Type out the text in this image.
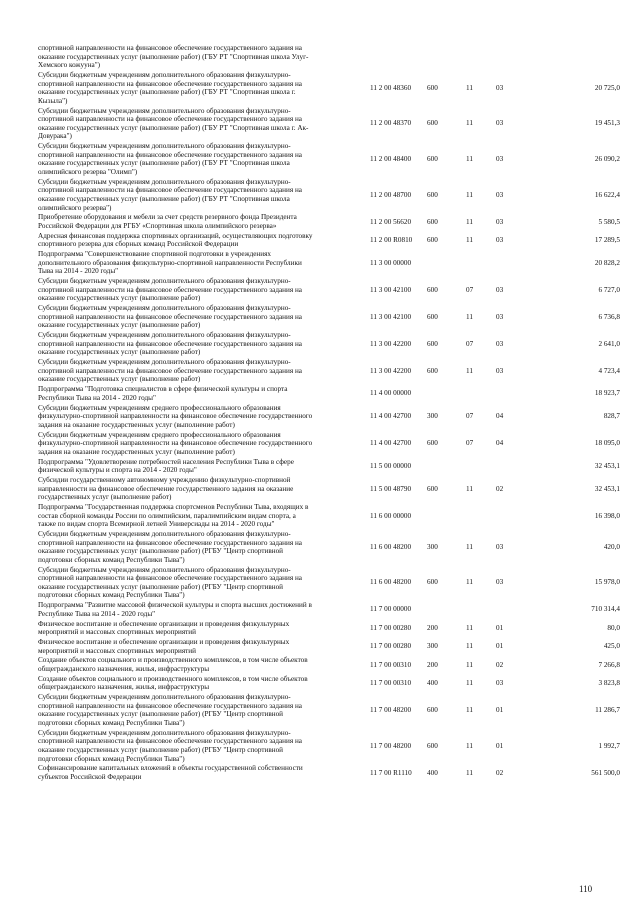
спортивной направленности на финансовое обеспечение государственного задания на
оказание государственных услуг (выполнение работ) (ГБУ РТ "Спортивная школа Улуг-
Хемского кожууна")
Субсидии бюджетным учреждениям дополнительного образования физкультурно-
спортивной направленности на финансовое обеспечение государственного задания на
оказание государственных услуг (выполнение работ) (ГБУ РТ "Спортивная школа г.
Кызыла")
11 2 00 48360 600	11	03	20 725,0
Субсидии бюджетным учреждениям дополнительного образования физкультурно-
спортивной направленности на финансовое обеспечение государственного задания на
оказание государственных услуг (выполнение работ) (ГБУ РТ "Спортивная школа г. Ак-
Довурака")
11 2 00 48370 600	11	03	19 451,3
Субсидии бюджетным учреждениям дополнительного образования физкультурно-
спортивной направленности на финансовое обеспечение государственного задания на
оказание государственных услуг (выполнение работ) (ГБУ РТ "Спортивная школа
олимпийского резерва "Олимп")
11 2 00 48400 600	11	03	26 090,2
Субсидии бюджетным учреждениям дополнительного образования физкультурно-
спортивной направленности на финансовое обеспечение государственного задания на
оказание государственных услуг (выполнение работ) (ГБУ РТ "Спортивная школа
олимпийского резерва")
11 2 00 48700 600	11	03	16 622,4
Приобретение оборудования и мебели за счет средств резервного фонда Президента
Российской Федерации для РГБУ «Спортивная школа олимпийского резерва»
11 2 00 56620 600	11	03	5 580,5
Адресная финансовая поддержка спортивных организаций, осуществляющих подготовку
спортивного резерва для сборных команд Российской Федерации
11 2 00 R0810 600	11	03	17 289,5
Подпрограмма "Совершенствование спортивной подготовки в учреждениях
дополнительного образования физкультурно-спортивной направленности Республики
Тыва на 2014 - 2020 годы"
11 3 00 00000	20 828,2
Субсидии бюджетным учреждениям дополнительного образования физкультурно-
спортивной направленности на финансовое обеспечение государственного задания на
оказание государственных услуг (выполнение работ)
11 3 00 42100 600	07	03	6 727,0
Субсидии бюджетным учреждениям дополнительного образования физкультурно-
спортивной направленности на финансовое обеспечение государственного задания на
оказание государственных услуг (выполнение работ)
11 3 00 42100 600	11	03	6 736,8
Субсидии бюджетным учреждениям дополнительного образования физкультурно-
спортивной направленности на финансовое обеспечение государственного задания на
оказание государственных услуг (выполнение работ)
11 3 00 42200 600	07	03	2 641,0
Субсидии бюджетным учреждениям дополнительного образования физкультурно-
спортивной направленности на финансовое обеспечение государственного задания на
оказание государственных услуг (выполнение работ)
11 3 00 42200 600	11	03	4 723,4
Подпрограмма "Подготовка специалистов в сфере физической культуры и спорта
Республики Тыва на 2014 - 2020 годы"
11 4 00 00000	18 923,7
Субсидии бюджетным учреждениям среднего профессионального образования
физкультурно-спортивной направленности на финансовое обеспечение государственного
задания на оказание государственных услуг (выполнение работ)
11 4 00 42700 300	07	04	828,7
Субсидии бюджетным учреждениям среднего профессионального образования
физкультурно-спортивной направленности на финансовое обеспечение государственного
задания на оказание государственных услуг (выполнение работ)
11 4 00 42700 600	07	04	18 095,0
Подпрограмма "Удовлетворение потребностей населения Республики Тыва в сфере
физической культуры и спорта на 2014 - 2020 годы"
11 5 00 00000	32 453,1
Субсидии государственному автономному учреждению физкультурно-спортивной
направленности на финансовое обеспечение государственного задания на оказание
государственных услуг (выполнение работ)
11 5 00 48790 600	11	02	32 453,1
Подпрограмма "Государственная поддержка спортсменов Республики Тыва, входящих в
состав сборной команды России по олимпийским, паралимпийским видам спорта, а
также по видам спорта Всемирной летней Универсиады на 2014 - 2020 годы"
11 6 00 00000	16 398,0
Субсидии бюджетным учреждениям дополнительного образования физкультурно-
спортивной направленности на финансовое обеспечение государственного задания на
оказание государственных услуг (выполнение работ) (РГБУ "Центр спортивной
подготовки сборных команд Республики Тыва")
11 6 00 48200 300	11	03	420,0
Субсидии бюджетным учреждениям дополнительного образования физкультурно-
спортивной направленности на финансовое обеспечение государственного задания на
оказание государственных услуг (выполнение работ) (РГБУ "Центр спортивной
подготовки сборных команд Республики Тыва")
11 6 00 48200 600	11	03	15 978,0
Подпрограмма "Развитие массовой физической культуры и спорта высших достижений в
Республике Тыва на 2014 - 2020 годы"
11 7 00 00000	710 314,4
Физическое воспитание и обеспечение организации и проведения физкультурных
мероприятий и массовых спортивных мероприятий
11 7 00 00280 200	11	01	80,0
Физическое воспитание и обеспечение организации и проведения физкультурных
мероприятий и массовых спортивных мероприятий
11 7 00 00280 300	11	01	425,0
Создание объектов социального и производственного комплексов, в том числе объектов
общегражданского назначения, жилья, инфраструктуры
11 7 00 00310 200	11	02	7 266,8
Создание объектов социального и производственного комплексов, в том числе объектов
общегражданского назначения, жилья, инфраструктуры
11 7 00 00310 400	11	03	3 823,8
Субсидии бюджетным учреждениям дополнительного образования физкультурно-
спортивной направленности на финансовое обеспечение государственного задания на
оказание государственных услуг (выполнение работ) (РГБУ "Центр спортивной
подготовки сборных команд Республики Тыва")
11 7 00 48200 600	11	01	11 286,7
Субсидии бюджетным учреждениям дополнительного образования физкультурно-
спортивной направленности на финансовое обеспечение государственного задания на
оказание государственных услуг (выполнение работ) (РГБУ "Центр спортивной
подготовки сборных команд Республики Тыва")
11 7 00 48200 600	11	01	1 992,7
Софинансирование капитальных вложений в объекты государственной собственности
субъектов Российской Федерации
11 7 00 R1110 400	11	02	561 500,0
110
